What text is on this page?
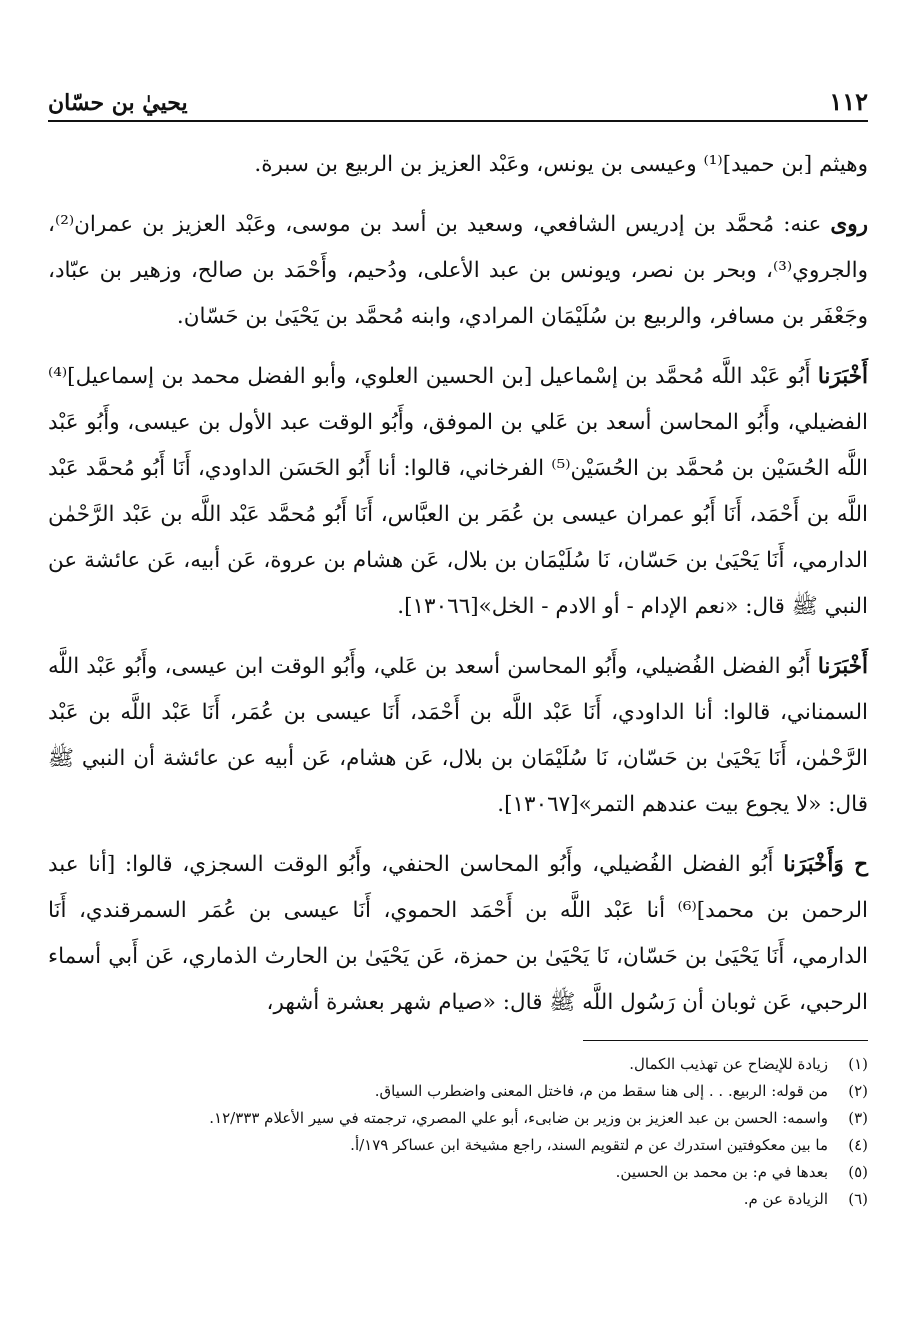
١١٢
يحييٰ بن حسّان

وهيثم [بن حميد]⁽¹⁾ وعيسى بن يونس، وعَبْد العزيز بن الربيع بن سبرة.

روى عنه: مُحمَّد بن إدريس الشافعي، وسعيد بن أسد بن موسى، وعَبْد العزيز بن عمران⁽²⁾، والجروي⁽³⁾، وبحر بن نصر، ويونس بن عبد الأعلى، ودُحيم، وأَحْمَد بن صالح، وزهير بن عبّاد، وجَعْفَر بن مسافر، والربيع بن سُلَيْمَان المرادي، وابنه مُحمَّد بن يَحْيَىٰ بن حَسّان.

أَخْبَرَنا أَبُو عَبْد اللَّه مُحمَّد بن إسْماعيل [بن الحسين العلوي، وأبو الفضل محمد بن إسماعيل]⁽⁴⁾ الفضيلي، وأَبُو المحاسن أسعد بن عَلي بن الموفق، وأَبُو الوقت عبد الأول بن عيسى، وأَبُو عَبْد اللَّه الحُسَيْن بن مُحمَّد بن الحُسَيْن⁽⁵⁾ الفرخاني، قالوا: أنا أَبُو الحَسَن الداودي، أَنَا أَبُو مُحمَّد عَبْد اللَّه بن أَحْمَد، أَنَا أَبُو عمران عيسى بن عُمَر بن العبَّاس، أَنَا أَبُو مُحمَّد عَبْد اللَّه بن عَبْد الرَّحْمٰن الدارمي، أَنَا يَحْيَىٰ بن حَسّان، نَا سُلَيْمَان بن بلال، عَن هشام بن عروة، عَن أبيه، عَن عائشة عن النبي ﷺ قال: «نعم الإدام - أو الادم - الخل»[١٣٠٦٦].

أَخْبَرَنا أَبُو الفضل الفُضيلي، وأَبُو المحاسن أسعد بن عَلي، وأَبُو الوقت ابن عيسى، وأَبُو عَبْد اللَّه السمناني، قالوا: أنا الداودي، أَنَا عَبْد اللَّه بن أَحْمَد، أَنَا عيسى بن عُمَر، أَنَا عَبْد اللَّه بن عَبْد الرَّحْمٰن، أَنَا يَحْيَىٰ بن حَسّان، نَا سُلَيْمَان بن بلال، عَن هشام، عَن أبيه عن عائشة أن النبي ﷺ قال: «لا يجوع بيت عندهم التمر»[١٣٠٦٧].

ح وَأَخْبَرَنا أَبُو الفضل الفُضيلي، وأَبُو المحاسن الحنفي، وأَبُو الوقت السجزي، قالوا: [أنا عبد الرحمن بن محمد]⁽⁶⁾ أنا عَبْد اللَّه بن أَحْمَد الحموي، أَنَا عيسى بن عُمَر السمرقندي، أَنَا الدارمي، أَنَا يَحْيَىٰ بن حَسّان، نَا يَحْيَىٰ بن حمزة، عَن يَحْيَىٰ بن الحارث الذماري، عَن أَبي أسماء الرحبي، عَن ثوبان أن رَسُول اللَّه ﷺ قال: «صيام شهر بعشرة أشهر،

(١)
زيادة للإيضاح عن تهذيب الكمال.
(٢)
من قوله: الربيع. . . إلى هنا سقط من م، فاختل المعنى واضطرب السياق.
(٣)
واسمه: الحسن بن عبد العزيز بن وزير بن ضابىء، أبو علي المصري، ترجمته في سير الأعلام ١٢/٣٣٣.
(٤)
ما بين معكوفتين استدرك عن م لتقويم السند، راجع مشيخة ابن عساكر ١٧٩/أ.
(٥)
بعدها في م: بن محمد بن الحسين.
(٦)
الزيادة عن م.
